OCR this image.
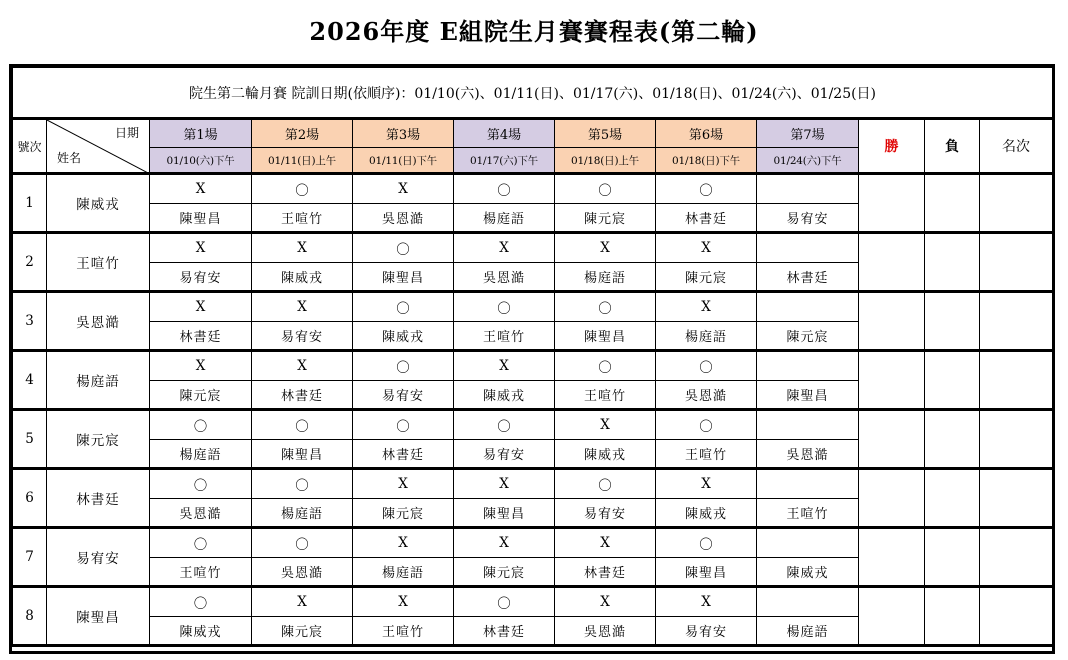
2026年度 E組院生月賽賽程表(第二輪)
院生第二輪月賽 院訓日期(依順序)：01/10(六)、01/11(日)、01/17(六)、01/18(日)、01/24(六)、01/25(日)											
號次	日期
姓名	第1場	第2場	第3場	第4場	第5場	第6場	第7場	勝	負	名次
		01/10(六)下午	01/11(日)上午	01/11(日)下午	01/17(六)下午	01/18(日)上午	01/18(日)下午	01/24(六)下午			
1	陳威戎	X	〇	X	〇	〇	〇				
		陳聖昌	王喧竹	吳恩澔	楊庭語	陳元宸	林書廷	易宥安			
2	王喧竹	X	X	〇	X	X	X				
		易宥安	陳威戎	陳聖昌	吳恩澔	楊庭語	陳元宸	林書廷			
3	吳恩澔	X	X	〇	〇	〇	X				
		林書廷	易宥安	陳威戎	王喧竹	陳聖昌	楊庭語	陳元宸			
4	楊庭語	X	X	〇	X	〇	〇				
		陳元宸	林書廷	易宥安	陳威戎	王喧竹	吳恩澔	陳聖昌			
5	陳元宸	〇	〇	〇	〇	X	〇				
		楊庭語	陳聖昌	林書廷	易宥安	陳威戎	王喧竹	吳恩澔			
6	林書廷	〇	〇	X	X	〇	X				
		吳恩澔	楊庭語	陳元宸	陳聖昌	易宥安	陳威戎	王喧竹			
7	易宥安	〇	〇	X	X	X	〇				
		王喧竹	吳恩澔	楊庭語	陳元宸	林書廷	陳聖昌	陳威戎			
8	陳聖昌	〇	X	X	〇	X	X				
		陳威戎	陳元宸	王喧竹	林書廷	吳恩澔	易宥安	楊庭語			
